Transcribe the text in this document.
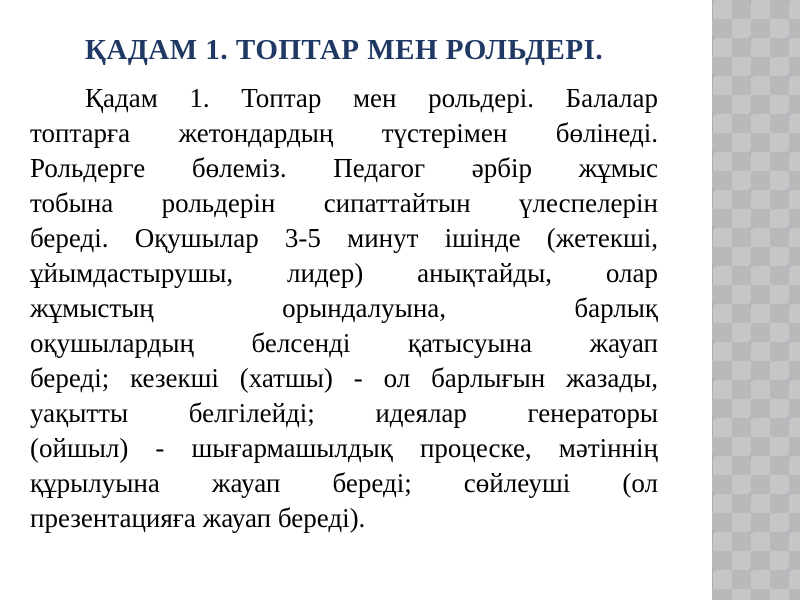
ҚАДАМ 1. ТОПТАР МЕН РОЛЬДЕРІ.
Қадам 1. Топтар мен рольдері. Балалар
топтарға жетондардың түстерімен бөлінеді.
Рольдерге бөлеміз. Педагог әрбір жұмыс
тобына рольдерін сипаттайтын үлеспелерін
береді. Оқушылар 3-5 минут ішінде (жетекші,
ұйымдастырушы, лидер) анықтайды, олар
жұмыстың орындалуына, барлық
оқушылардың белсенді қатысуына жауап
береді; кезекші (хатшы) - ол барлығын жазады,
уақытты белгілейді; идеялар генераторы
(ойшыл) - шығармашылдық процеске, мәтіннің
құрылуына жауап береді; сөйлеуші (ол
презентацияға жауап береді).
